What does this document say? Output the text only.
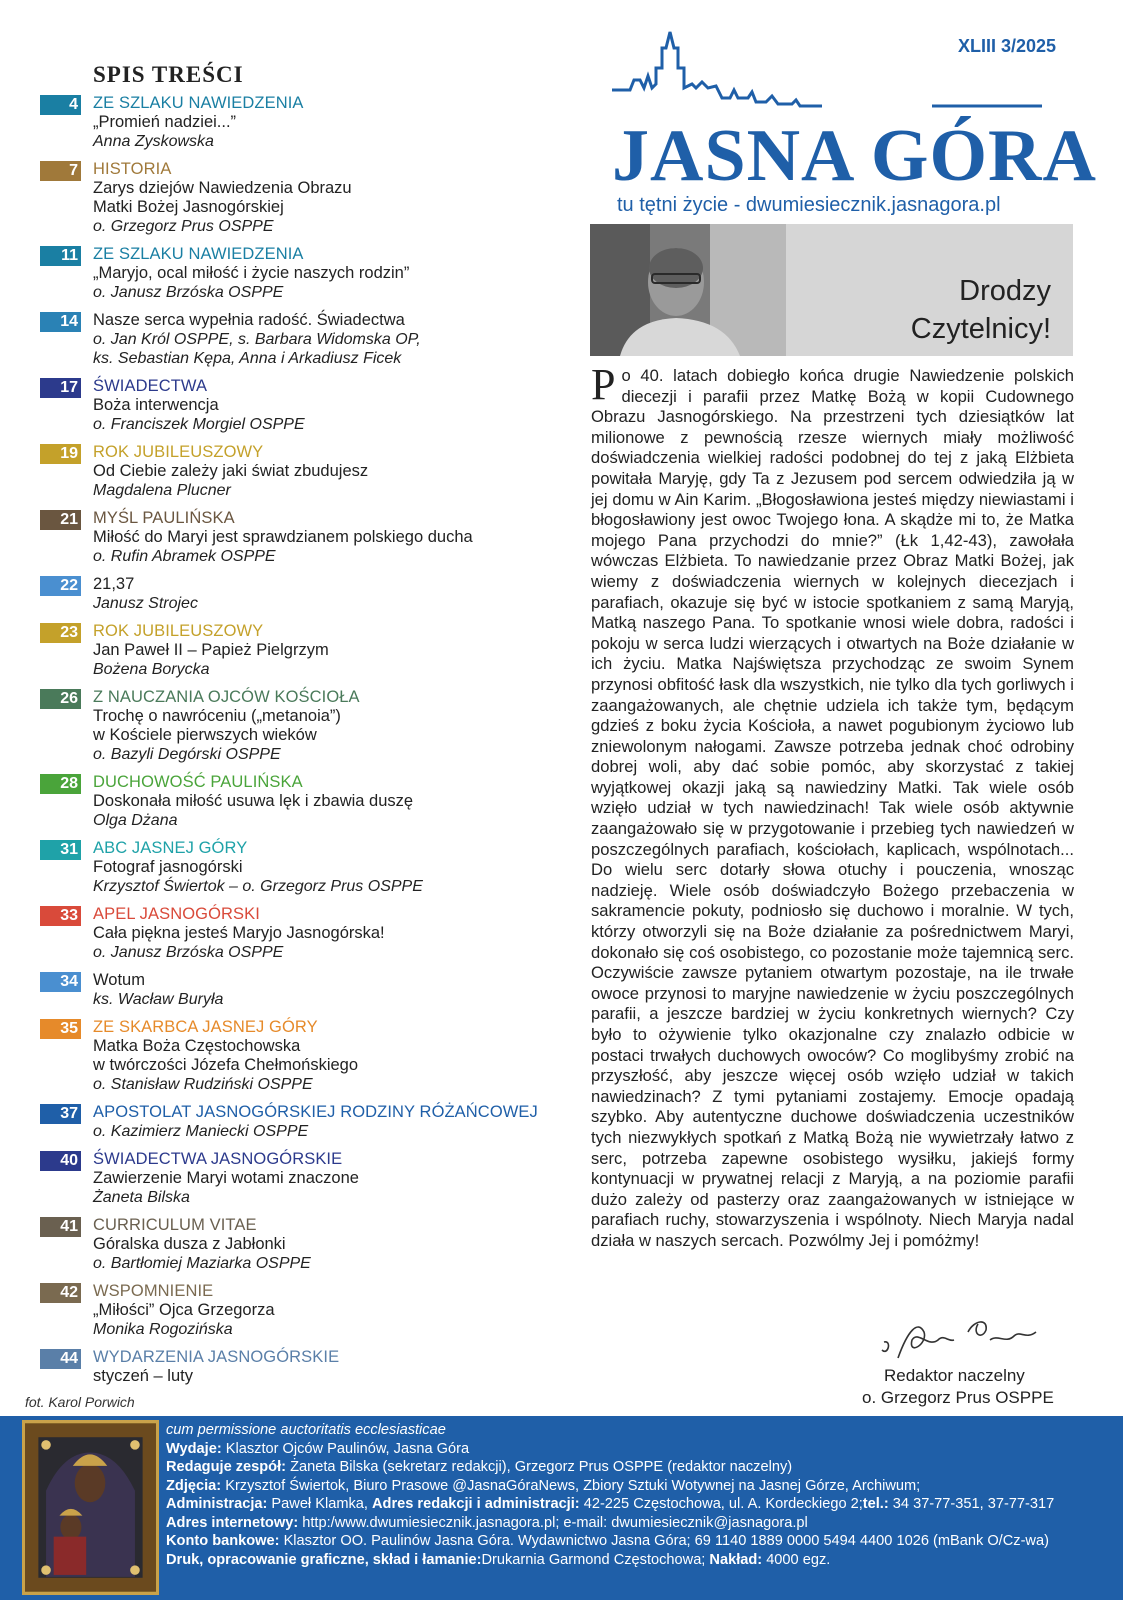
SPIS TREŚCI
4 ZE SZLAKU NAWIEDZENIA
„Promień nadziei...”
Anna Zyskowska
7 HISTORIA
Zarys dziejów Nawiedzenia Obrazu
Matki Bożej Jasnogórskiej
o. Grzegorz Prus OSPPE
11 ZE SZLAKU NAWIEDZENIA
„Maryjo, ocal miłość i życie naszych rodzin”
o. Janusz Brzóska OSPPE
14 Nasze serca wypełnia radość. Świadectwa
o. Jan Król OSPPE, s. Barbara Widomska OP,
ks. Sebastian Kępa, Anna i Arkadiusz Ficek
17 ŚWIADECTWA
Boża interwencja
o. Franciszek Morgiel OSPPE
19 ROK JUBILEUSZOWY
Od Ciebie zależy jaki świat zbudujesz
Magdalena Plucner
21 MYŚL PAULIŃSKA
Miłość do Maryi jest sprawdzianem polskiego ducha
o. Rufin Abramek OSPPE
22 21,37
Janusz Strojec
23 ROK JUBILEUSZOWY
Jan Paweł II – Papież Pielgrzym
Bożena Borycka
26 Z NAUCZANIA OJCÓW KOŚCIOŁA
Trochę o nawróceniu („metanoia”)
w Kościele pierwszych wieków
o. Bazyli Degórski OSPPE
28 DUCHOWOŚĆ PAULIŃSKA
Doskonała miłość usuwa lęk i zbawia duszę
Olga Dżana
31 ABC JASNEJ GÓRY
Fotograf jasnogórski
Krzysztof Świertok – o. Grzegorz Prus OSPPE
33 APEL JASNOGÓRSKI
Cała piękna jesteś Maryjo Jasnogórska!
o. Janusz Brzóska OSPPE
34 Wotum
ks. Wacław Buryła
35 ZE SKARBCA JASNEJ GÓRY
Matka Boża Częstochowska
w twórczości Józefa Chełmońskiego
o. Stanisław Rudziński OSPPE
37 APOSTOLAT JASNOGÓRSKIEJ RODZINY RÓŻAŃCOWEJ
o. Kazimierz Maniecki OSPPE
40 ŚWIADECTWA JASNOGÓRSKIE
Zawierzenie Maryi wotami znaczone
Żaneta Bilska
41 CURRICULUM VITAE
Góralska dusza z Jabłonki
o. Bartłomiej Maziarka OSPPE
42 WSPOMNIENIE
„Miłości” Ojca Grzegorza
Monika Rogozińska
44 WYDARZENIA JASNOGÓRSKIE
styczeń – luty
fot. Karol Porwich
XLIII 3/2025
JASNA GÓRA
tu tętni życie - dwumiesiecznik.jasnagora.pl
Drodzy
Czytelnicy!
Po 40. latach dobiegło końca drugie Nawiedzenie polskich diecezji i parafii przez Matkę Bożą w kopii Cudownego Obrazu Jasnogórskiego. Na przestrzeni tych dziesiątków lat milionowe z pewnością rzesze wiernych miały możliwość doświadczenia wielkiej radości podobnej do tej z jaką Elżbieta powitała Maryję, gdy Ta z Jezusem pod sercem odwiedziła ją w jej domu w Ain Karim. „Błogosławiona jesteś między niewiastami i błogosławiony jest owoc Twojego łona. A skądże mi to, że Matka mojego Pana przychodzi do mnie?” (Łk 1,42-43), zawołała wówczas Elżbieta. To nawiedzanie przez Obraz Matki Bożej, jak wiemy z doświadczenia wiernych w kolejnych diecezjach i parafiach, okazuje się być w istocie spotkaniem z samą Maryją, Matką naszego Pana. To spotkanie wnosi wiele dobra, radości i pokoju w serca ludzi wierzących i otwartych na Boże działanie w ich życiu. Matka Najświętsza przychodząc ze swoim Synem przynosi obfitość łask dla wszystkich, nie tylko dla tych gorliwych i zaangażowanych, ale chętnie udziela ich także tym, będącym gdzieś z boku życia Kościoła, a nawet pogubionym życiowo lub zniewolonym nałogami. Zawsze potrzeba jednak choć odrobiny dobrej woli, aby dać sobie pomóc, aby skorzystać z takiej wyjątkowej okazji jaką są nawiedziny Matki. Tak wiele osób wzięło udział w tych nawiedzinach! Tak wiele osób aktywnie zaangażowało się w przygotowanie i przebieg tych nawiedzeń w poszczególnych parafiach, kościołach, kaplicach, wspólnotach... Do wielu serc dotarły słowa otuchy i pouczenia, wnosząc nadzieję. Wiele osób doświadczyło Bożego przebaczenia w sakramencie pokuty, podniosło się duchowo i moralnie. W tych, którzy otworzyli się na Boże działanie za pośrednictwem Maryi, dokonało się coś osobistego, co pozostanie może tajemnicą serc. Oczywiście zawsze pytaniem otwartym pozostaje, na ile trwałe owoce przynosi to maryjne nawiedzenie w życiu poszczególnych parafii, a jeszcze bardziej w życiu konkretnych wiernych? Czy było to ożywienie tylko okazjonalne czy znalazło odbicie w postaci trwałych duchowych owoców? Co moglibyśmy zrobić na przyszłość, aby jeszcze więcej osób wzięło udział w takich nawiedzinach? Z tymi pytaniami zostajemy. Emocje opadają szybko. Aby autentyczne duchowe doświadczenia uczestników tych niezwykłych spotkań z Matką Bożą nie wywietrzały łatwo z serc, potrzeba zapewne osobistego wysiłku, jakiejś formy kontynuacji w prywatnej relacji z Maryją, a na poziomie parafii dużo zależy od pasterzy oraz zaangażowanych w istniejące w parafiach ruchy, stowarzyszenia i wspólnoty. Niech Maryja nadal działa w naszych sercach. Pozwólmy Jej i pomóżmy!
Redaktor naczelny
o. Grzegorz Prus OSPPE
cum permissione auctoritatis ecclesiasticae
Wydaje: Klasztor Ojców Paulinów, Jasna Góra
Redaguje zespół: Żaneta Bilska (sekretarz redakcji), Grzegorz Prus OSPPE (redaktor naczelny)
Zdjęcia: Krzysztof Świertok, Biuro Prasowe @JasnaGóraNews, Zbiory Sztuki Wotywnej na Jasnej Górze, Archiwum;
Administracja: Paweł Klamka, Adres redakcji i administracji: 42-225 Częstochowa, ul. A. Kordeckiego 2;tel.: 34 37-77-351, 37-77-317
Adres internetowy: http:/www.dwumiesiecznik.jasnagora.pl; e-mail: dwumiesiecznik@jasnagora.pl
Konto bankowe: Klasztor OO. Paulinów Jasna Góra. Wydawnictwo Jasna Góra; 69 1140 1889 0000 5494 4400 1026 (mBank O/Cz-wa)
Druk, opracowanie graficzne, skład i łamanie:Drukarnia Garmond Częstochowa; Nakład: 4000 egz.
